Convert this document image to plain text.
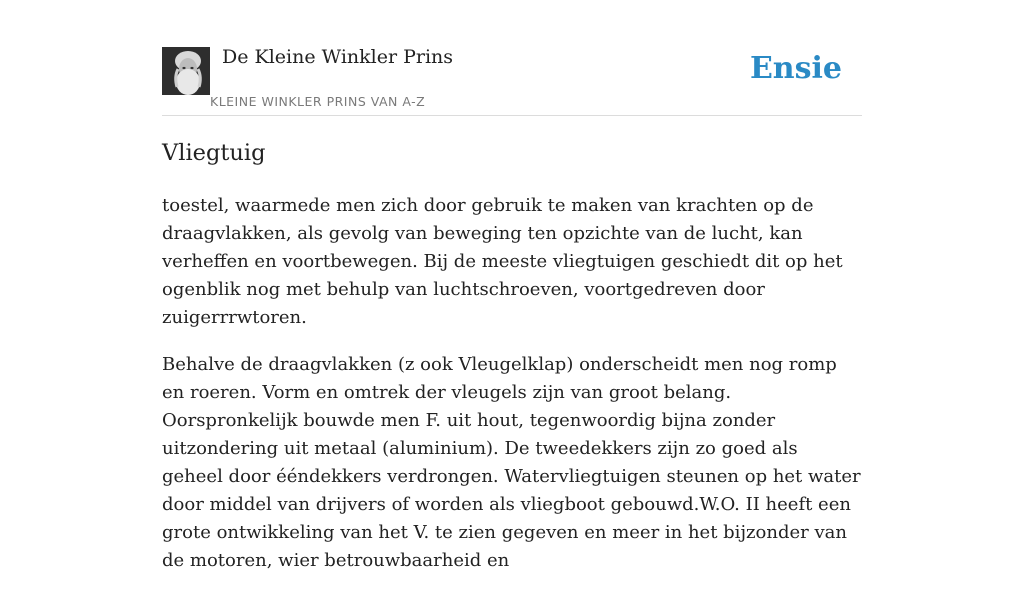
De Kleine Winkler Prins
KLEINE WINKLER PRINS VAN A-Z
Ensie
Vliegtuig

toestel, waarmede men zich door gebruik te maken van krachten op de draagvlakken, als gevolg van beweging ten opzichte van de lucht, kan verheffen en voortbewegen. Bij de meeste vliegtuigen geschiedt dit op het ogenblik nog met behulp van luchtschroeven, voortgedreven door zuigerrrwtoren.

Behalve de draagvlakken (z ook Vleugelklap) onderscheidt men nog romp en roeren. Vorm en omtrek der vleugels zijn van groot belang. Oorspronkelijk bouwde men F. uit hout, tegenwoordig bijna zonder uitzondering uit metaal (aluminium). De tweedekkers zijn zo goed als geheel door ééndekkers verdrongen. Watervliegtuigen steunen op het water door middel van drijvers of worden als vliegboot gebouwd.W.O. II heeft een grote ontwikkeling van het V. te zien gegeven en meer in het bijzonder van de motoren, wier betrouwbaarheid en
